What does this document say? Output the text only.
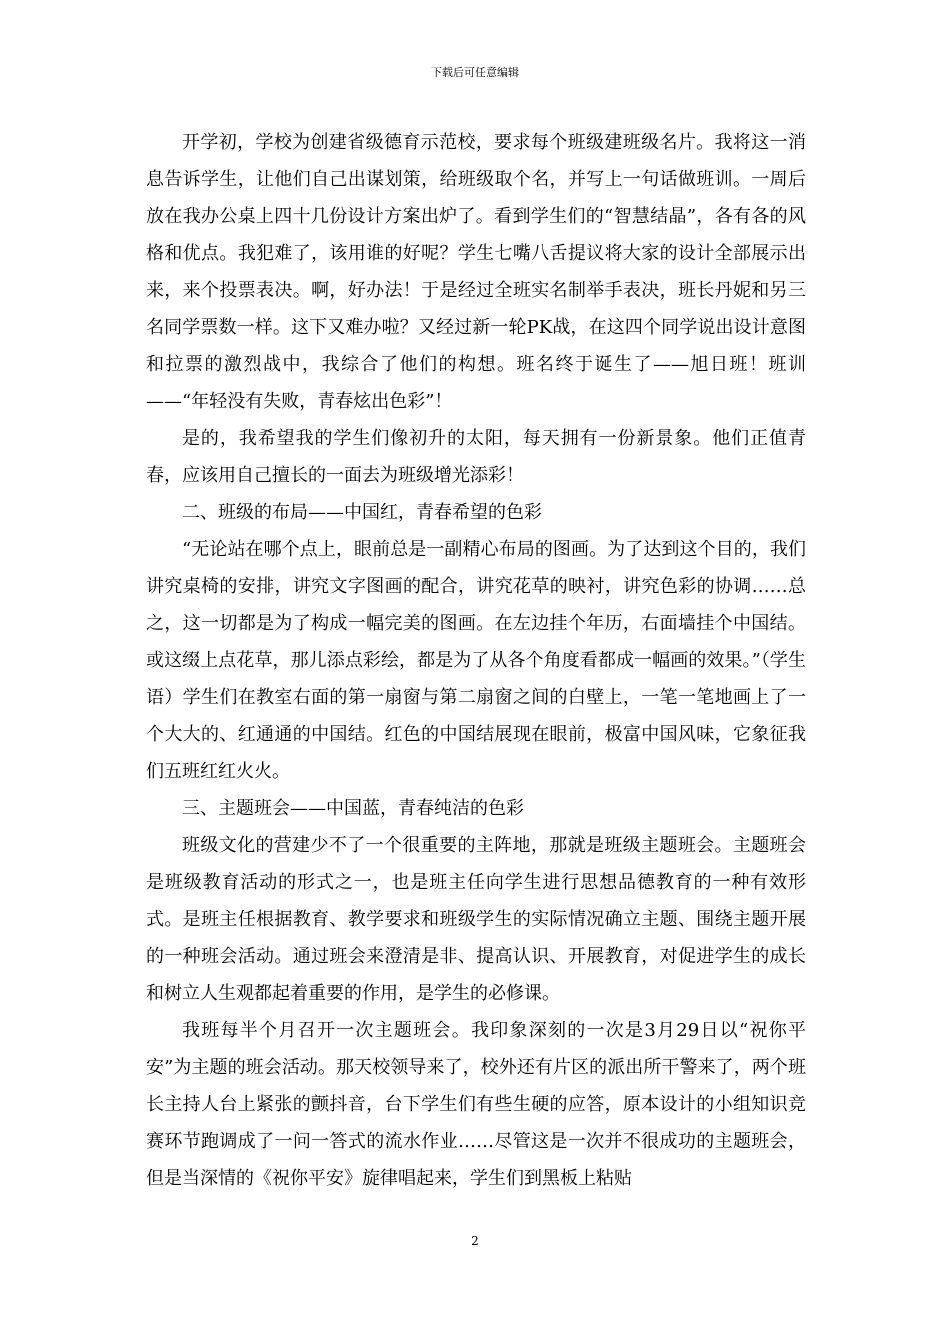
下载后可任意编辑

开学初，学校为创建省级德育示范校，要求每个班级建班级名片。我将这一消息告诉学生，让他们自己出谋划策，给班级取个名，并写上一句话做班训。一周后放在我办公桌上四十几份设计方案出炉了。看到学生们的“智慧结晶”，各有各的风格和优点。我犯难了，该用谁的好呢？学生七嘴八舌提议将大家的设计全部展示出来，来个投票表决。啊，好办法！于是经过全班实名制举手表决，班长丹妮和另三名同学票数一样。这下又难办啦？又经过新一轮PK战，在这四个同学说出设计意图和拉票的激烈战中，我综合了他们的构想。班名终于诞生了——旭日班！班训——“年轻没有失败，青春炫出色彩”！

是的，我希望我的学生们像初升的太阳，每天拥有一份新景象。他们正值青春，应该用自己擅长的一面去为班级增光添彩！

二、班级的布局——中国红，青春希望的色彩

“无论站在哪个点上，眼前总是一副精心布局的图画。为了达到这个目的，我们讲究桌椅的安排，讲究文字图画的配合，讲究花草的映衬，讲究色彩的协调……总之，这一切都是为了构成一幅完美的图画。在左边挂个年历，右面墙挂个中国结。或这缀上点花草，那儿添点彩绘，都是为了从各个角度看都成一幅画的效果。”（学生语）学生们在教室右面的第一扇窗与第二扇窗之间的白壁上，一笔一笔地画上了一个大大的、红通通的中国结。红色的中国结展现在眼前，极富中国风味，它象征我们五班红红火火。

三、主题班会——中国蓝，青春纯洁的色彩

班级文化的营建少不了一个很重要的主阵地，那就是班级主题班会。主题班会是班级教育活动的形式之一，也是班主任向学生进行思想品德教育的一种有效形式。是班主任根据教育、教学要求和班级学生的实际情况确立主题、围绕主题开展的一种班会活动。通过班会来澄清是非、提高认识、开展教育，对促进学生的成长和树立人生观都起着重要的作用，是学生的必修课。

我班每半个月召开一次主题班会。我印象深刻的一次是3月29日以“祝你平安”为主题的班会活动。那天校领导来了，校外还有片区的派出所干警来了，两个班长主持人台上紧张的颤抖音，台下学生们有些生硬的应答，原本设计的小组知识竞赛环节跑调成了一问一答式的流水作业……尽管这是一次并不很成功的主题班会，但是当深情的《祝你平安》旋律唱起来，学生们到黑板上粘贴

2
